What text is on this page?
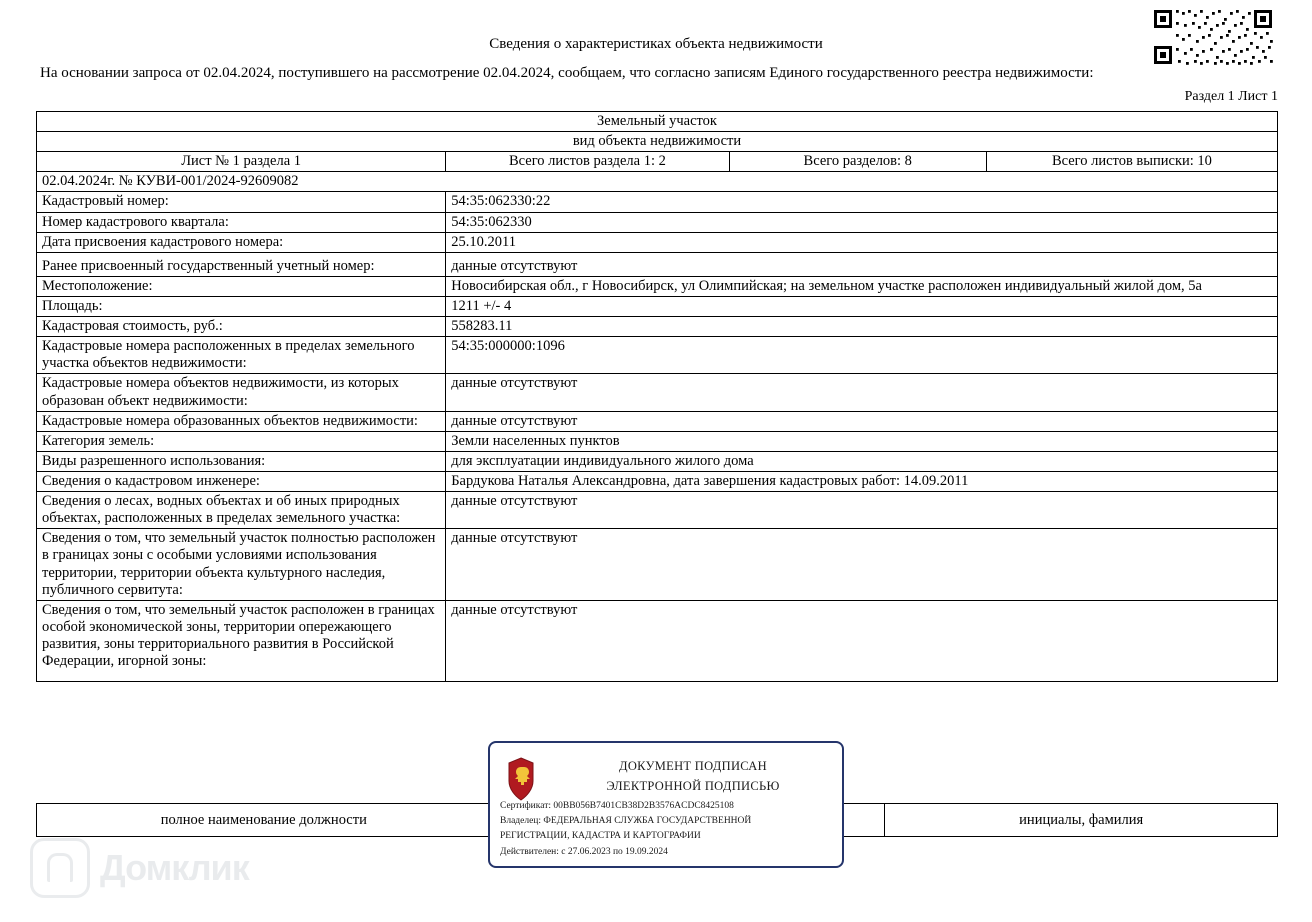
Сведения о характеристиках объекта недвижимости
На основании запроса от 02.04.2024, поступившего на рассмотрение 02.04.2024, сообщаем, что согласно записям Единого государственного реестра недвижимости:
Раздел 1 Лист 1
Земельный участок			
вид объекта недвижимости			
Лист № 1 раздела 1	Всего листов раздела 1: 2	Всего разделов: 8	Всего листов выписки: 10
02.04.2024г. № КУВИ-001/2024-92609082			
Кадастровый номер:	54:35:062330:22		
Номер кадастрового квартала:	54:35:062330		
Дата присвоения кадастрового номера:	25.10.2011		
Ранее присвоенный государственный учетный номер:	данные отсутствуют		
Местоположение:	Новосибирская обл., г Новосибирск, ул Олимпийская; на земельном участке расположен индивидуальный жилой дом, 5а		
Площадь:	1211 +/- 4		
Кадастровая стоимость, руб.:	558283.11		
Кадастровые номера расположенных в пределах земельного участка объектов недвижимости:	54:35:000000:1096		
Кадастровые номера объектов недвижимости, из которых образован объект недвижимости:	данные отсутствуют		
Кадастровые номера образованных объектов недвижимости:	данные отсутствуют		
Категория земель:	Земли населенных пунктов		
Виды разрешенного использования:	для эксплуатации индивидуального жилого дома		
Сведения о кадастровом инженере:	Бардукова Наталья Александровна, дата завершения кадастровых работ: 14.09.2011		
Сведения о лесах, водных объектах и об иных природных объектах, расположенных в пределах земельного участка:	данные отсутствуют		
Сведения о том, что земельный участок полностью расположен в границах зоны с особыми условиями использования территории, территории объекта культурного наследия, публичного сервитута:	данные отсутствуют		
Сведения о том, что земельный участок расположен в границах особой экономической зоны, территории опережающего развития, зоны территориального развития в Российской Федерации, игорной зоны:	данные отсутствуют		
полное наименование должности		инициалы, фамилия
ДОКУМЕНТ ПОДПИСАН
ЭЛЕКТРОННОЙ ПОДПИСЬЮ
Сертификат: 00BB056B7401CB38D2B3576ACDC8425108
Владелец: ФЕДЕРАЛЬНАЯ СЛУЖБА ГОСУДАРСТВЕННОЙ
РЕГИСТРАЦИИ, КАДАСТРА И КАРТОГРАФИИ
Действителен: с 27.06.2023 по 19.09.2024
Домклик
